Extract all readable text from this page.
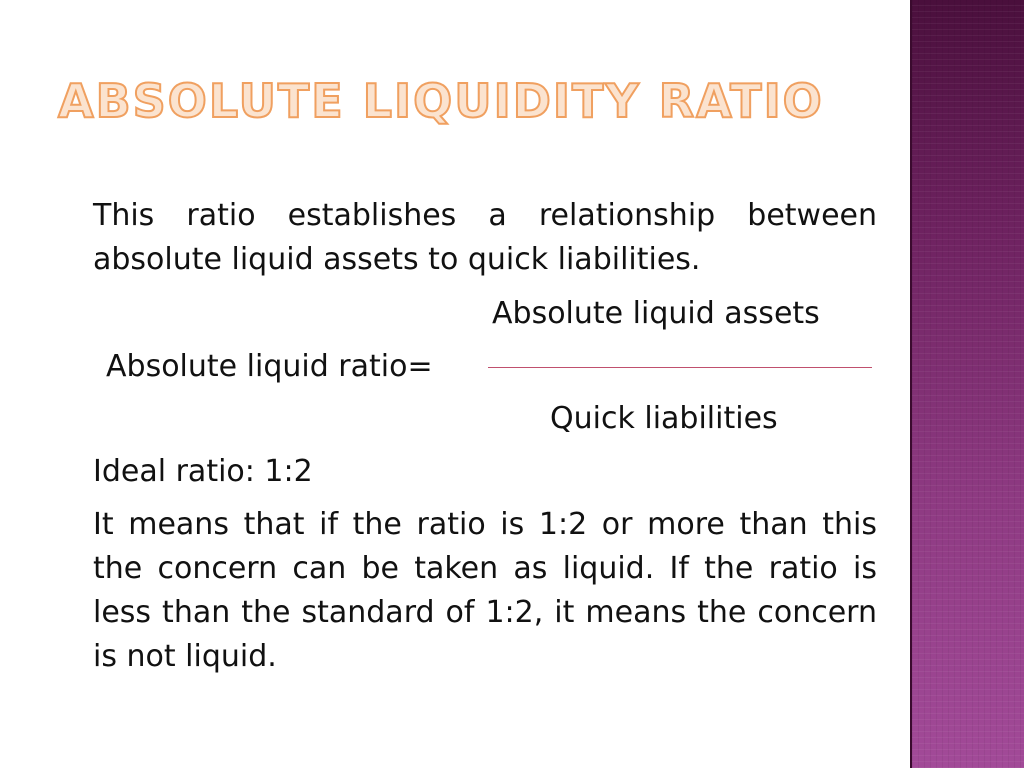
ABSOLUTE LIQUIDITY RATIO

This ratio establishes a relationship between absolute liquid assets to quick liabilities.

Absolute liquid assets
Absolute liquid ratio=
Quick liabilities

Ideal ratio: 1:2

It means that if the ratio is 1:2 or more than this the concern can be taken as liquid. If the ratio is less than the standard of 1:2, it means the concern is not liquid.
